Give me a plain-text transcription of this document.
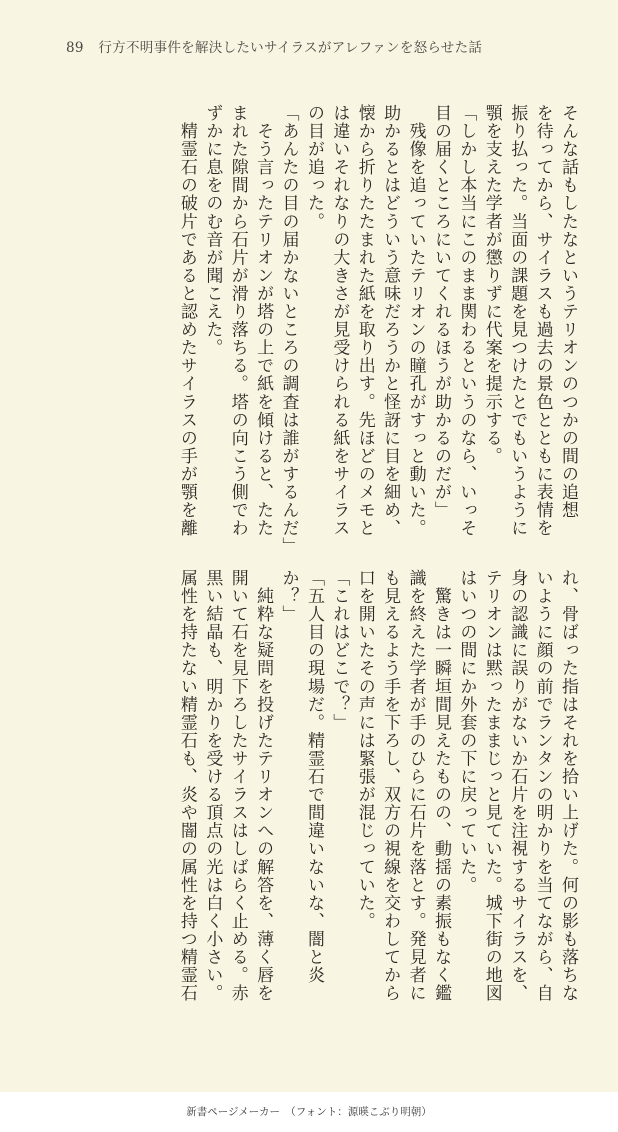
89 行方不明事件を解決したいサイラスがアレファンを怒らせた話
そんな話もしたなというテリオンのつかの間の追想
を待ってから、サイラスも過去の景色とともに表情を
振り払った。当面の課題を見つけたとでもいうように
顎を支えた学者が懲りずに代案を提示する。
「しかし本当にこのまま関わるというのなら、いっそ
目の届くところにいてくれるほうが助かるのだが」
　残像を追っていたテリオンの瞳孔がすっと動いた。
助かるとはどういう意味だろうかと怪訝に目を細め、
懐から折りたたまれた紙を取り出す。先ほどのメモと
は違いそれなりの大きさが見受けられる紙をサイラス
の目が追った。
「あんたの目の届かないところの調査は誰がするんだ」
　そう言ったテリオンが塔の上で紙を傾けると、たた
まれた隙間から石片が滑り落ちる。塔の向こう側でわ
ずかに息をのむ音が聞こえた。
　精霊石の破片であると認めたサイラスの手が顎を離
れ、骨ばった指はそれを拾い上げた。何の影も落ちな
いように顔の前でランタンの明かりを当てながら、自
身の認識に誤りがないか石片を注視するサイラスを、
テリオンは黙ったままじっと見ていた。城下街の地図
はいつの間にか外套の下に戻っていた。
　驚きは一瞬垣間見えたものの、動揺の素振もなく鑑
識を終えた学者が手のひらに石片を落とす。発見者に
も見えるよう手を下ろし、双方の視線を交わしてから
口を開いたその声には緊張が混じっていた。
「これはどこで？」
「五人目の現場だ。精霊石で間違いないな、闇と炎
か？」
　純粋な疑問を投げたテリオンへの解答を、薄く唇を
開いて石を見下ろしたサイラスはしばらく止める。赤
黒い結晶も、明かりを受ける頂点の光は白く小さい。
属性を持たない精霊石も、炎や闇の属性を持つ精霊石
新書ページメーカー　（フォント：源暎こぶり明朝）
